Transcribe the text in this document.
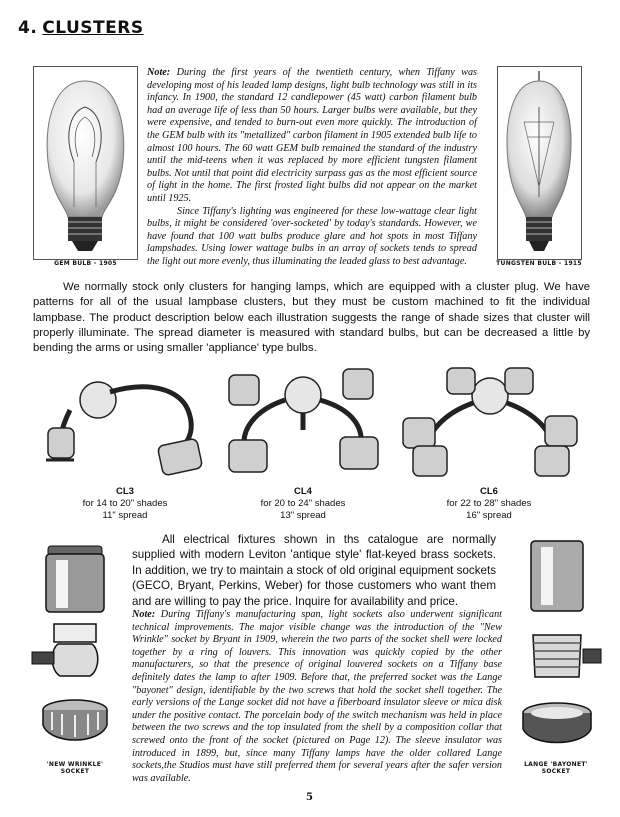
4. CLUSTERS
GEM BULB - 1905	TUNGSTEN BULB - 1915
Note: During the first years of the twentieth century, when Tiffany was developing most of his leaded lamp designs, light bulb technology was still in its infancy. In 1900, the standard 12 candlepower (45 watt) carbon filament bulb had an average life of less than 50 hours. Larger bulbs were available, but they were expensive, and tended to burn-out even more quickly. The introduction of the GEM bulb with its "metallized" carbon filament in 1905 extended bulb life to almost 100 hours. The 60 watt GEM bulb remained the standard of the industry until the mid-teens when it was replaced by more efficient tungsten filament bulbs. Not until that point did electricity surpass gas as the most efficient source of light in the home. The first frosted light bulbs did not appear on the market until 1925.
Since Tiffany's lighting was engineered for these low-wattage clear light bulbs, it might be considered 'over-socketed' by today's standards. However, we have found that 100 watt bulbs produce glare and hot spots in most Tiffany lampshades. Using lower wattage bulbs in an array of sockets tends to spread the light out more evenly, thus illuminating the leaded glass to best advantage.
We normally stock only clusters for hanging lamps, which are equipped with a cluster plug. We have patterns for all of the usual lampbase clusters, but they must be custom machined to fit the individual lampbase. The product description below each illustration suggests the range of shade sizes that cluster will properly illuminate. The spread diameter is measured with standard bulbs, but can be decreased a little by bending the arms or using smaller 'appliance' type bulbs.
CL3
for 14 to 20" shades
11" spread
CL4
for 20 to 24" shades
13" spread
CL6
for 22 to 28" shades
16" spread
'NEW WRINKLE'
SOCKET
LANGE 'BAYONET'
SOCKET
All electrical fixtures shown in ths catalogue are normally supplied with modern Leviton 'antique style' flat-keyed brass sockets. In addition, we try to maintain a stock of old original equipment sockets (GECO, Bryant, Perkins, Weber) for those customers who want them and are willing to pay the price. Inquire for availability and price.
Note: During Tiffany's manufacturing span, light sockets also underwent significant technical improvements. The major visible change was the introduction of the "New Wrinkle" socket by Bryant in 1909, wherein the two parts of the socket shell were locked together by a ring of louvers. This innovation was quickly copied by the other manufacturers, so that the presence of original louvered sockets on a Tiffany base definitely dates the lamp to after 1909. Before that, the preferred socket was the Lange "bayonet" design, identifiable by the two screws that hold the socket shell together. The early versions of the Lange socket did not have a fiberboard insulator sleeve or mica disk under the positive contact. The porcelain body of the switch mechanism was held in place between the two screws and the top insulated from the shell by a composition collar that screwed onto the front of the socket (pictured on Page 12). The sleeve insulator was introduced in 1899, but, since many Tiffany lamps have the older collared Lange sockets,the Studios must have still preferred them for several years after the safer version was available.
5
